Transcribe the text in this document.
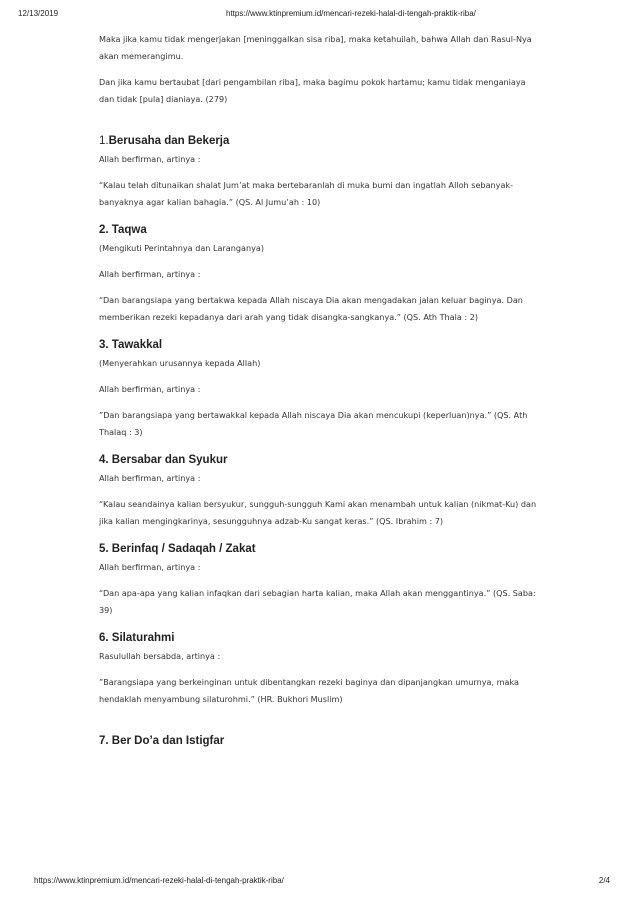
12/13/2019	https://www.ktinpremium.id/mencari-rezeki-halal-di-tengah-praktik-riba/

Maka jika kamu tidak mengerjakan [meninggalkan sisa riba], maka ketahuilah, bahwa Allah dan Rasul-Nya akan memerangimu.

Dan jika kamu bertaubat [dari pengambilan riba], maka bagimu pokok hartamu; kamu tidak menganiaya dan tidak [pula] dianiaya. (279)

1.Berusaha dan Bekerja

Allah berfirman, artinya :

“Kalau telah ditunaikan shalat Jum’at maka bertebaranlah di muka bumi dan ingatlah Alloh sebanyak-banyaknya agar kalian bahagia.” (QS. Al Jumu’ah : 10)

2. Taqwa

(Mengikuti Perintahnya dan Laranganya)

Allah berfirman, artinya :

“Dan barangsiapa yang bertakwa kepada Allah niscaya Dia akan mengadakan jalan keluar baginya. Dan memberikan rezeki kepadanya dari arah yang tidak disangka-sangkanya.” (QS. Ath Thala : 2)

3. Tawakkal

(Menyerahkan urusannya kepada Allah)

Allah berfirman, artinya :

”Dan barangsiapa yang bertawakkal kepada Allah niscaya Dia akan mencukupi (keperluan)nya.” (QS. Ath Thalaq : 3)

4. Bersabar dan Syukur

Allah berfirman, artinya :

“Kalau seandainya kalian bersyukur, sungguh-sungguh Kami akan menambah untuk kalian (nikmat-Ku) dan jika kalian mengingkarinya, sesungguhnya adzab-Ku sangat keras.” (QS. Ibrahim : 7)

5. Berinfaq / Sadaqah / Zakat

Allah berfirman, artinya :

“Dan apa-apa yang kalian infaqkan dari sebagian harta kalian, maka Allah akan menggantinya.” (QS. Saba: 39)

6. Silaturahmi

Rasulullah bersabda, artinya :

”Barangsiapa yang berkeinginan untuk dibentangkan rezeki baginya dan dipanjangkan umurnya, maka hendaklah menyambung silaturohmi.” (HR. Bukhori Muslim)

7. Ber Do’a dan Istigfar
https://www.ktinpremium.id/mencari-rezeki-halal-di-tengah-praktik-riba/	2/4
